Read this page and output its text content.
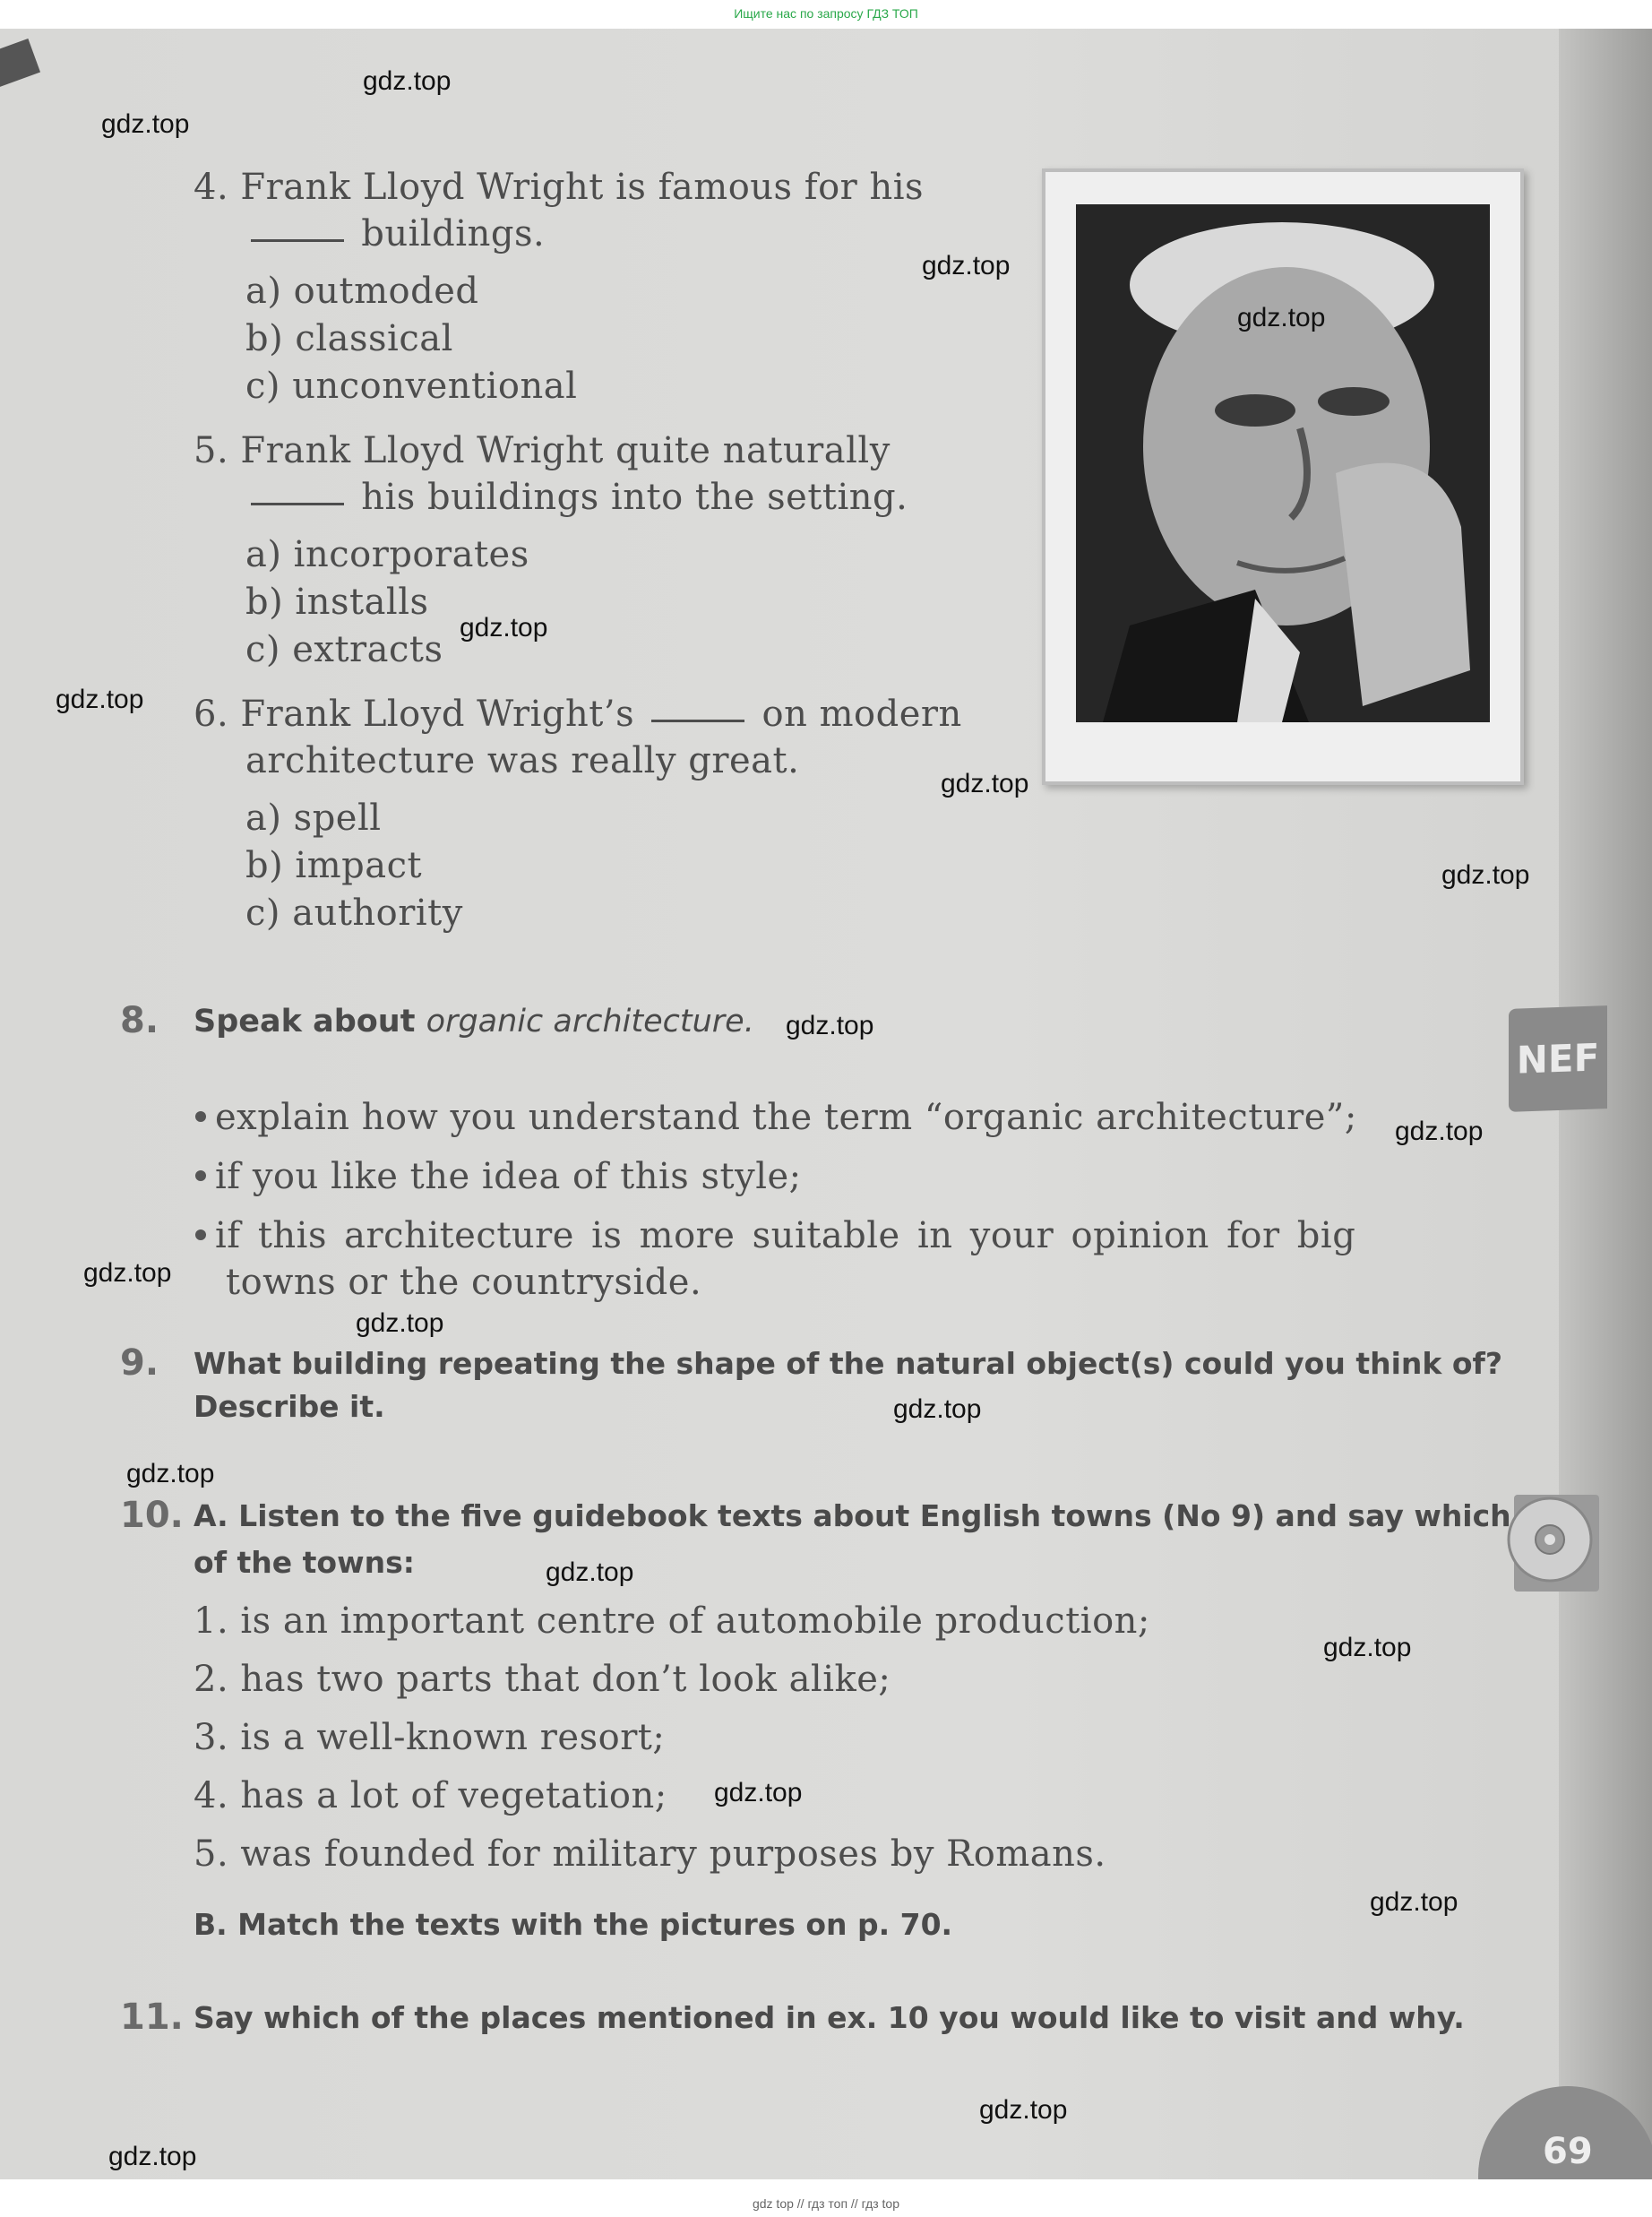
Ищите нас по запросу ГДЗ ТОП
4. Frank Lloyd Wright is famous for his
buildings.
a) outmoded
b) classical
c) unconventional
5. Frank Lloyd Wright quite naturally
his buildings into the setting.
a) incorporates
b) installs
c) extracts
6. Frank Lloyd Wright’s	on modern
architecture was really great.
a) spell
b) impact
c) authority
8. Speak about organic architecture.
explain how you understand the term “organic architecture”;
if you like the idea of this style;
if this architecture is more suitable in your opinion for big
towns or the countryside.
9. What building repeating the shape of the natural object(s) could you think of?
Describe it.
10. A. Listen to the five guidebook texts about English towns (No 9) and say which
of the towns:
1. is an important centre of automobile production;
2. has two parts that don’t look alike;
3. is a well-known resort;
4. has a lot of vegetation;
5. was founded for military purposes by Romans.
B. Match the texts with the pictures on p. 70.
11. Say which of the places mentioned in ex. 10 you would like to visit and why.
NEF
69
gdz.top
gdz.top
gdz.top
gdz.top
gdz.top
gdz.top
gdz.top
gdz.top
gdz.top
gdz.top
gdz.top
gdz.top
gdz.top
gdz.top
gdz.top
gdz.top
gdz.top
gdz.top
gdz.top
gdz.top
gdz top // гдз топ // гдз top
